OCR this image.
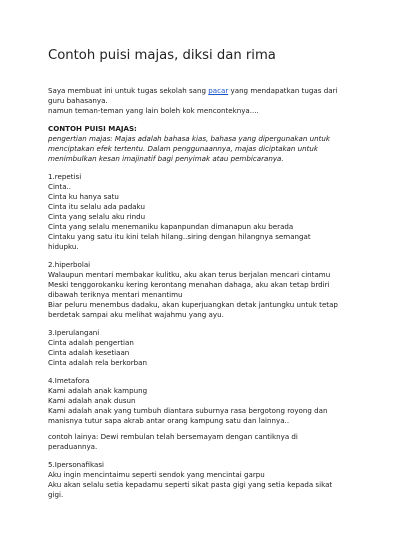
Contoh puisi majas, diksi dan rima
Saya membuat ini untuk tugas sekolah sang pacar yang mendapatkan tugas dari
guru bahasanya.
namun teman-teman yang lain boleh kok menconteknya....
CONTOH PUISI MAJAS:
pengertian majas: Majas adalah bahasa kias, bahasa yang dipergunakan untuk
menciptakan efek tertentu. Dalam penggunaannya, majas diciptakan untuk
menimbulkan kesan imajinatif bagi penyimak atau pembicaranya.
1.repetisi
Cinta..
Cinta ku hanya satu
Cinta itu selalu ada padaku
Cinta yang selalu aku rindu
Cinta yang selalu menemaniku kapanpundan dimanapun aku berada
Cintaku yang satu itu kini telah hilang..siring dengan hilangnya semangat
hidupku.
2.hiperbolai
Walaupun mentari membakar kulitku, aku akan terus berjalan mencari cintamu
Meski tenggorokanku kering kerontang menahan dahaga, aku akan tetap brdiri
dibawah teriknya mentari menantimu
Biar peluru menembus dadaku, akan kuperjuangkan detak jantungku untuk tetap
berdetak sampai aku melihat wajahmu yang ayu.
3.Iperulangani
Cinta adalah pengertian
Cinta adalah kesetiaan
Cinta adalah rela berkorban
4.Imetafora
Kami adalah anak kampung
Kami adalah anak dusun
Kami adalah anak yang tumbuh diantara suburnya rasa bergotong royong dan
manisnya tutur sapa akrab antar orang kampung satu dan lainnya..
contoh lainya: Dewi rembulan telah bersemayam dengan cantiknya di
peraduannya.
5.Ipersonafikasi
Aku ingin mencintaimu seperti sendok yang mencintai garpu
Aku akan selalu setia kepadamu seperti sikat pasta gigi yang setia kepada sikat
gigi.
